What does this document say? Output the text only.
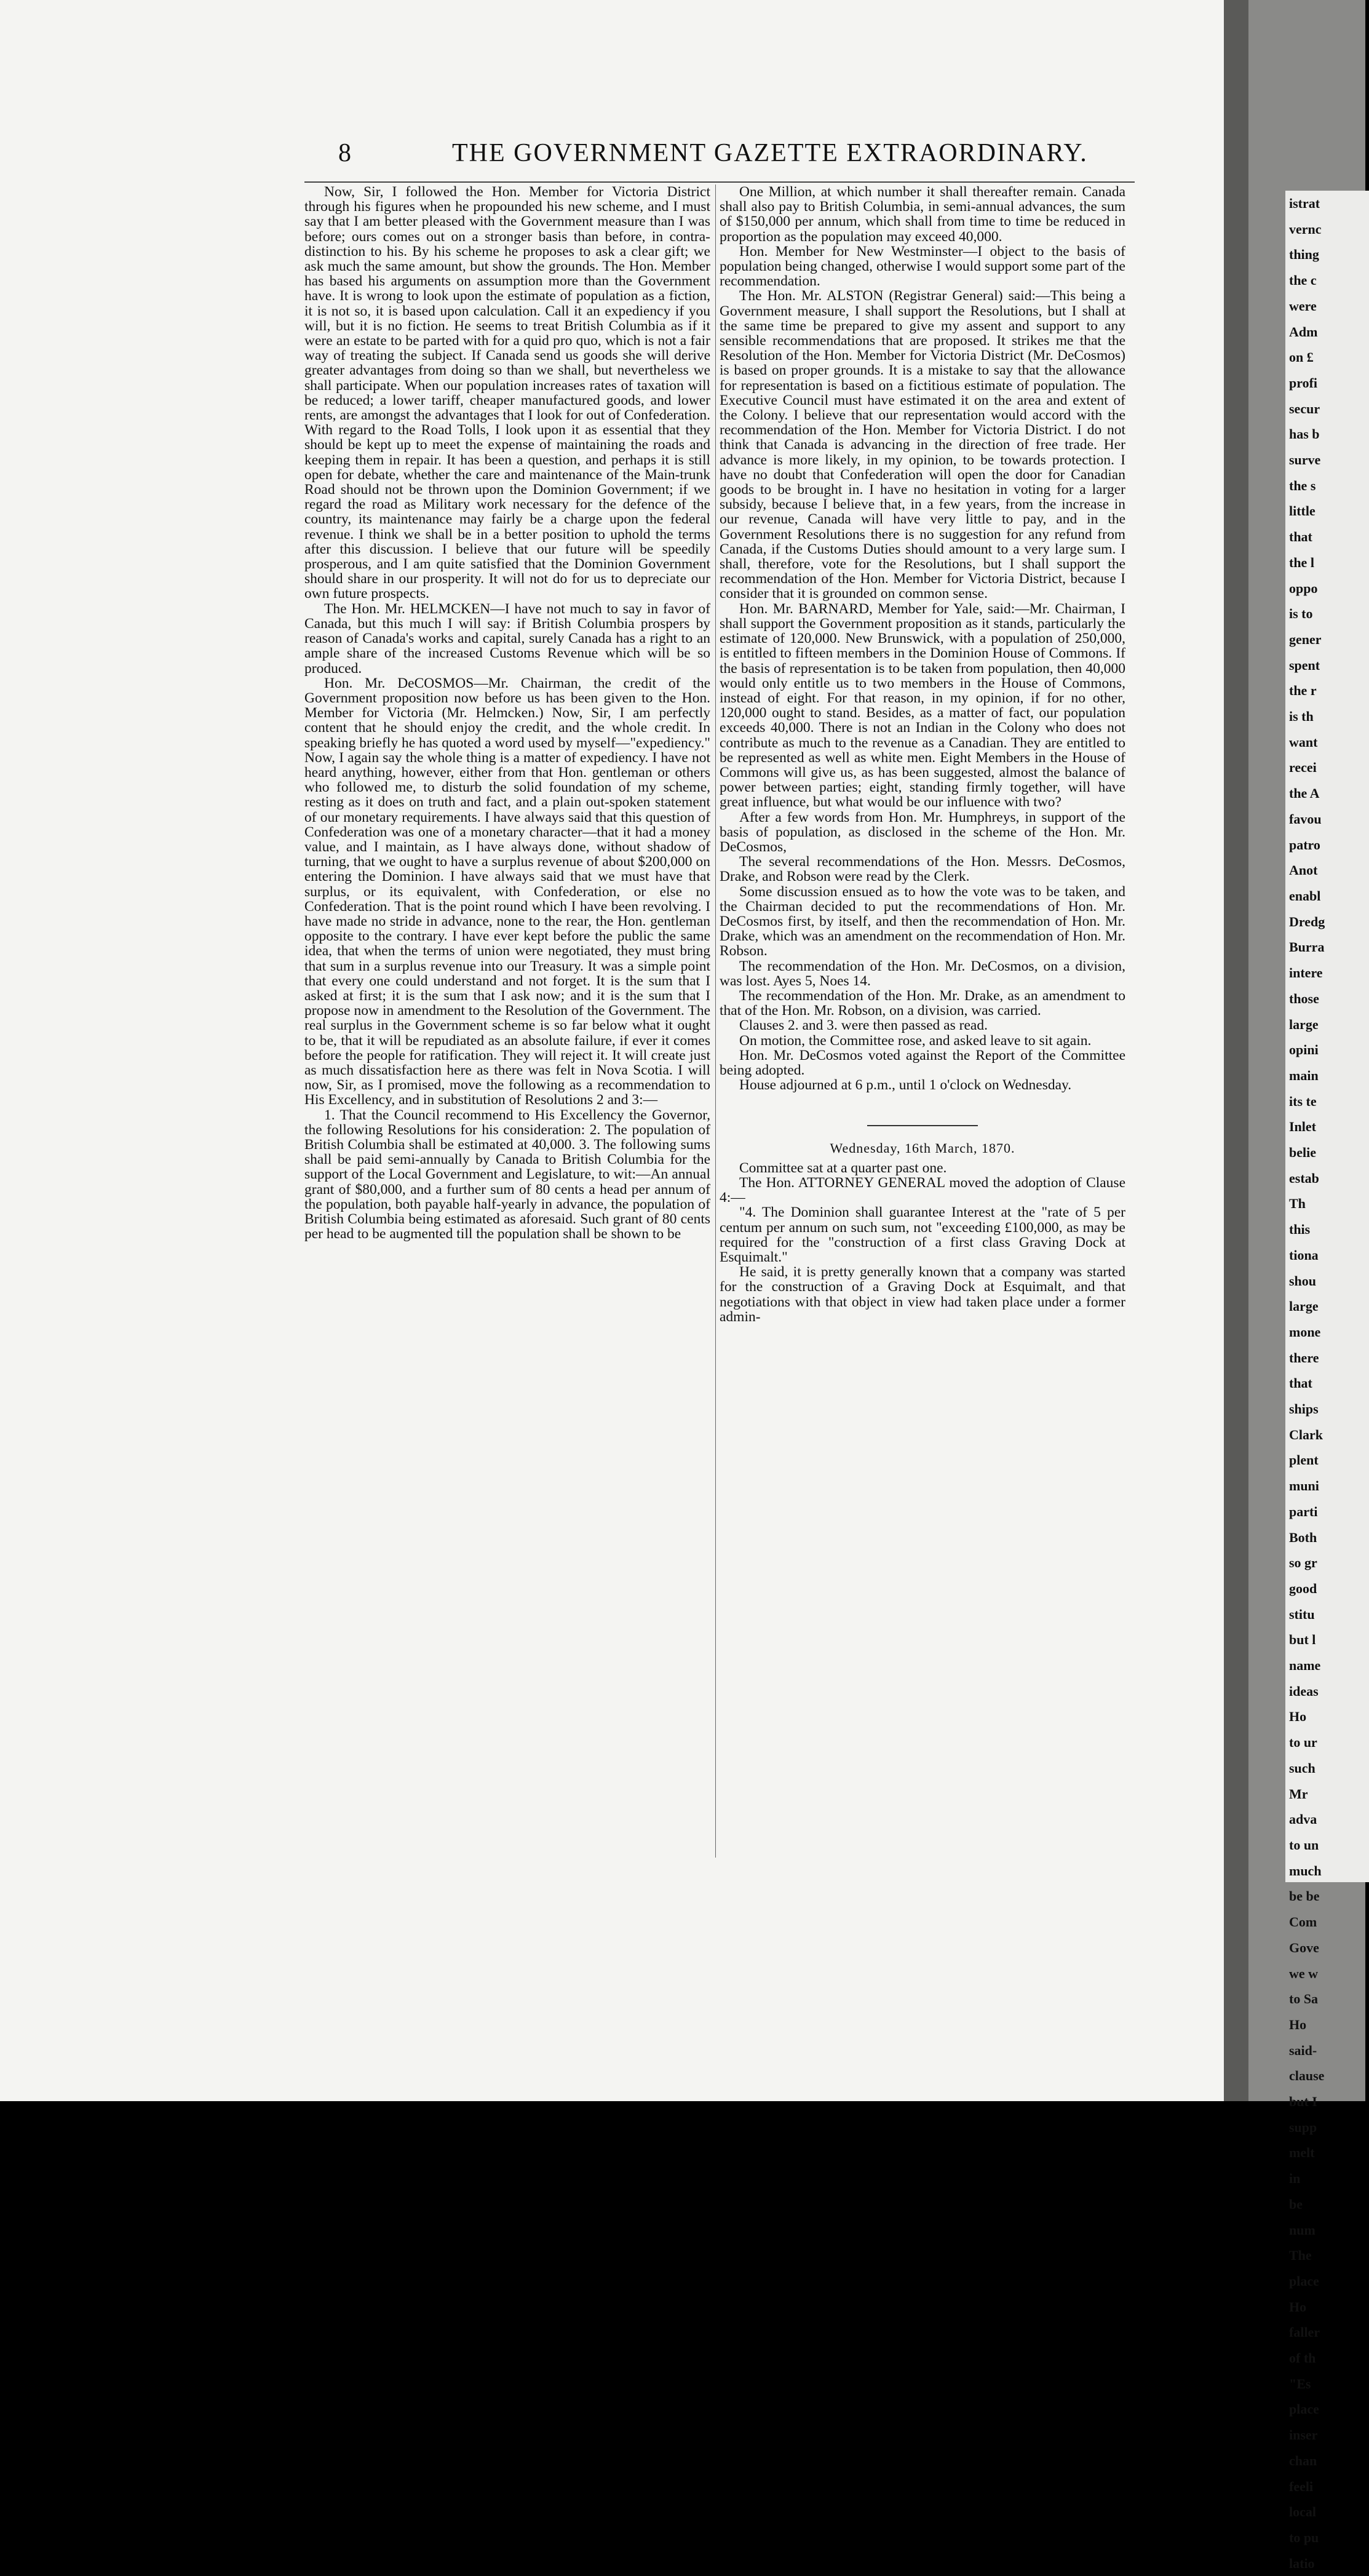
8	THE GOVERNMENT GAZETTE EXTRAORDINARY.

Now, Sir, I followed the Hon. Member for Victoria District through his figures when he propounded his new scheme, and I must say that I am better pleased with the Government measure than I was before; ours comes out on a stronger basis than before, in contra-distinction to his. By his scheme he proposes to ask a clear gift; we ask much the same amount, but show the grounds. The Hon. Member has based his arguments on assumption more than the Government have. It is wrong to look upon the estimate of population as a fiction, it is not so, it is based upon calculation. Call it an expediency if you will, but it is no fiction. He seems to treat British Columbia as if it were an estate to be parted with for a quid pro quo, which is not a fair way of treating the subject. If Canada send us goods she will derive greater advantages from doing so than we shall, but nevertheless we shall participate. When our population increases rates of taxation will be reduced; a lower tariff, cheaper manufactured goods, and lower rents, are amongst the advantages that I look for out of Confederation. With regard to the Road Tolls, I look upon it as essential that they should be kept up to meet the expense of maintaining the roads and keeping them in repair. It has been a question, and perhaps it is still open for debate, whether the care and maintenance of the Main-trunk Road should not be thrown upon the Dominion Government; if we regard the road as Military work necessary for the defence of the country, its maintenance may fairly be a charge upon the federal revenue. I think we shall be in a better position to uphold the terms after this discussion. I believe that our future will be speedily prosperous, and I am quite satisfied that the Dominion Government should share in our prosperity. It will not do for us to depreciate our own future prospects.

The Hon. Mr. HELMCKEN—I have not much to say in favor of Canada, but this much I will say: if British Columbia prospers by reason of Canada's works and capital, surely Canada has a right to an ample share of the increased Customs Revenue which will be so produced.

Hon. Mr. DeCOSMOS—Mr. Chairman, the credit of the Government proposition now before us has been given to the Hon. Member for Victoria (Mr. Helmcken.) Now, Sir, I am perfectly content that he should enjoy the credit, and the whole credit. In speaking briefly he has quoted a word used by myself—"expediency." Now, I again say the whole thing is a matter of expediency. I have not heard anything, however, either from that Hon. gentleman or others who followed me, to disturb the solid foundation of my scheme, resting as it does on truth and fact, and a plain out-spoken statement of our monetary requirements. I have always said that this question of Confederation was one of a monetary character—that it had a money value, and I maintain, as I have always done, without shadow of turning, that we ought to have a surplus revenue of about $200,000 on entering the Dominion. I have always said that we must have that surplus, or its equivalent, with Confederation, or else no Confederation. That is the point round which I have been revolving. I have made no stride in advance, none to the rear, the Hon. gentleman opposite to the contrary. I have ever kept before the public the same idea, that when the terms of union were negotiated, they must bring that sum in a surplus revenue into our Treasury. It was a simple point that every one could understand and not forget. It is the sum that I asked at first; it is the sum that I ask now; and it is the sum that I propose now in amendment to the Resolution of the Government. The real surplus in the Government scheme is so far below what it ought to be, that it will be repudiated as an absolute failure, if ever it comes before the people for ratification. They will reject it. It will create just as much dissatisfaction here as there was felt in Nova Scotia. I will now, Sir, as I promised, move the following as a recommendation to His Excellency, and in substitution of Resolutions 2 and 3:—

1. That the Council recommend to His Excellency the Governor, the following Resolutions for his consideration: 2. The population of British Columbia shall be estimated at 40,000. 3. The following sums shall be paid semi-annually by Canada to British Columbia for the support of the Local Government and Legislature, to wit:—An annual grant of $80,000, and a further sum of 80 cents a head per annum of the population, both payable half-yearly in advance, the population of British Columbia being estimated as aforesaid. Such grant of 80 cents per head to be augmented till the population shall be shown to be

One Million, at which number it shall thereafter remain. Canada shall also pay to British Columbia, in semi-annual advances, the sum of $150,000 per annum, which shall from time to time be reduced in proportion as the population may exceed 40,000.

Hon. Member for New Westminster—I object to the basis of population being changed, otherwise I would support some part of the recommendation.

The Hon. Mr. ALSTON (Registrar General) said:—This being a Government measure, I shall support the Resolutions, but I shall at the same time be prepared to give my assent and support to any sensible recommendations that are proposed. It strikes me that the Resolution of the Hon. Member for Victoria District (Mr. DeCosmos) is based on proper grounds. It is a mistake to say that the allowance for representation is based on a fictitious estimate of population. The Executive Council must have estimated it on the area and extent of the Colony. I believe that our representation would accord with the recommendation of the Hon. Member for Victoria District. I do not think that Canada is advancing in the direction of free trade. Her advance is more likely, in my opinion, to be towards protection. I have no doubt that Confederation will open the door for Canadian goods to be brought in. I have no hesitation in voting for a larger subsidy, because I believe that, in a few years, from the increase in our revenue, Canada will have very little to pay, and in the Government Resolutions there is no suggestion for any refund from Canada, if the Customs Duties should amount to a very large sum. I shall, therefore, vote for the Resolutions, but I shall support the recommendation of the Hon. Member for Victoria District, because I consider that it is grounded on common sense.

Hon. Mr. BARNARD, Member for Yale, said:—Mr. Chairman, I shall support the Government proposition as it stands, particularly the estimate of 120,000. New Brunswick, with a population of 250,000, is entitled to fifteen members in the Dominion House of Commons. If the basis of representation is to be taken from population, then 40,000 would only entitle us to two members in the House of Commons, instead of eight. For that reason, in my opinion, if for no other, 120,000 ought to stand. Besides, as a matter of fact, our population exceeds 40,000. There is not an Indian in the Colony who does not contribute as much to the revenue as a Canadian. They are entitled to be represented as well as white men. Eight Members in the House of Commons will give us, as has been suggested, almost the balance of power between parties; eight, standing firmly together, will have great influence, but what would be our influence with two?

After a few words from Hon. Mr. Humphreys, in support of the basis of population, as disclosed in the scheme of the Hon. Mr. DeCosmos,

The several recommendations of the Hon. Messrs. DeCosmos, Drake, and Robson were read by the Clerk.

Some discussion ensued as to how the vote was to be taken, and the Chairman decided to put the recommendations of Hon. Mr. DeCosmos first, by itself, and then the recommendation of Hon. Mr. Drake, which was an amendment on the recommendation of Hon. Mr. Robson.

The recommendation of the Hon. Mr. DeCosmos, on a division, was lost. Ayes 5, Noes 14.

The recommendation of the Hon. Mr. Drake, as an amendment to that of the Hon. Mr. Robson, on a division, was carried.

Clauses 2. and 3. were then passed as read.

On motion, the Committee rose, and asked leave to sit again.

Hon. Mr. DeCosmos voted against the Report of the Committee being adopted.

House adjourned at 6 p.m., until 1 o'clock on Wednesday.

Wednesday, 16th March, 1870.

Committee sat at a quarter past one.

The Hon. ATTORNEY GENERAL moved the adoption of Clause 4:—

"4. The Dominion shall guarantee Interest at the "rate of 5 per centum per annum on such sum, not "exceeding £100,000, as may be required for the "construction of a first class Graving Dock at Esquimalt."

He said, it is pretty generally known that a company was started for the construction of a Graving Dock at Esquimalt, and that negotiations with that object in view had taken place under a former admin-

istrat
vernc
thing
the c
were
Adm
on £
profi
secur
has b
surve
the s
little
that
the l
oppo
is to
gener
spent
the r
is th
want
recei
the A
favou
patro
Anot
enabl
Dredg
Burra
intere
those
large
opini
main
its te
Inlet
belie
estab
Th
this
tiona
shou
large
mone
there
that
ships
Clark
plent
muni
parti
Both
so gr
good
stitu
but l
name
ideas
Ho
to ur
such
Mr
adva
to un
much
be be
Com
Gove
we w
to Sa
Ho
said-
clause
but I
supp
melt
in
be
num
The
place
Ho
faller
of th
"Es
place
inser
chan
feeli
local
to pu
latio
